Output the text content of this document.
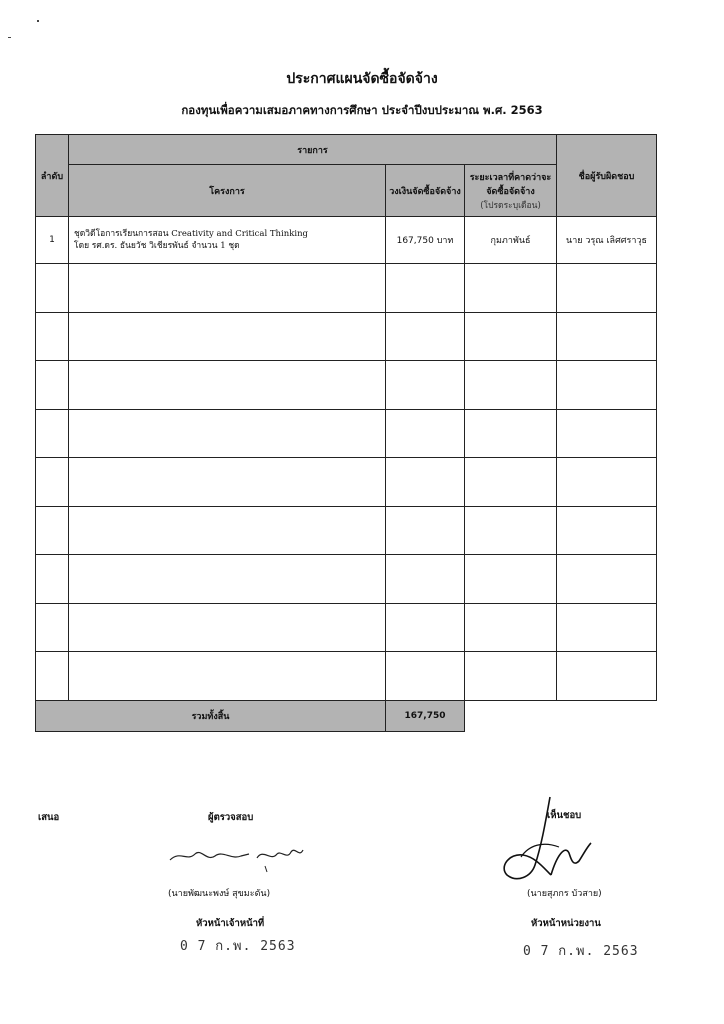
ประกาศแผนจัดซื้อจัดจ้าง
กองทุนเพื่อความเสมอภาคทางการศึกษา ประจำปีงบประมาณ พ.ศ. 2563
ลำดับ	รายการ			ชื่อผู้รับผิดชอบ
	โครงการ	วงเงินจัดซื้อจัดจ้าง	ระยะเวลาที่คาดว่าจะจัดซื้อจัดจ้าง
(โปรดระบุเดือน)	

1	ชุดวิดีโอการเรียนการสอน Creativity and Critical Thinking
โดย รศ.ดร. ธันยวัช วิเชียรพันธ์ จำนวน 1 ชุด	167,750 บาท	กุมภาพันธ์	นาย วรุณ เลิศศราวุธ

รวมทั้งสิ้น		167,750		
เสนอ	ผู้ตรวจสอบ	เห็นชอบ
(นายพัฒนะพงษ์ สุขมะดัน)	(นายสุภกร บัวสาย)
หัวหน้าเจ้าหน้าที่	หัวหน้าหน่วยงาน
0 7 ก.พ. 2563	0 7 ก.พ. 2563
